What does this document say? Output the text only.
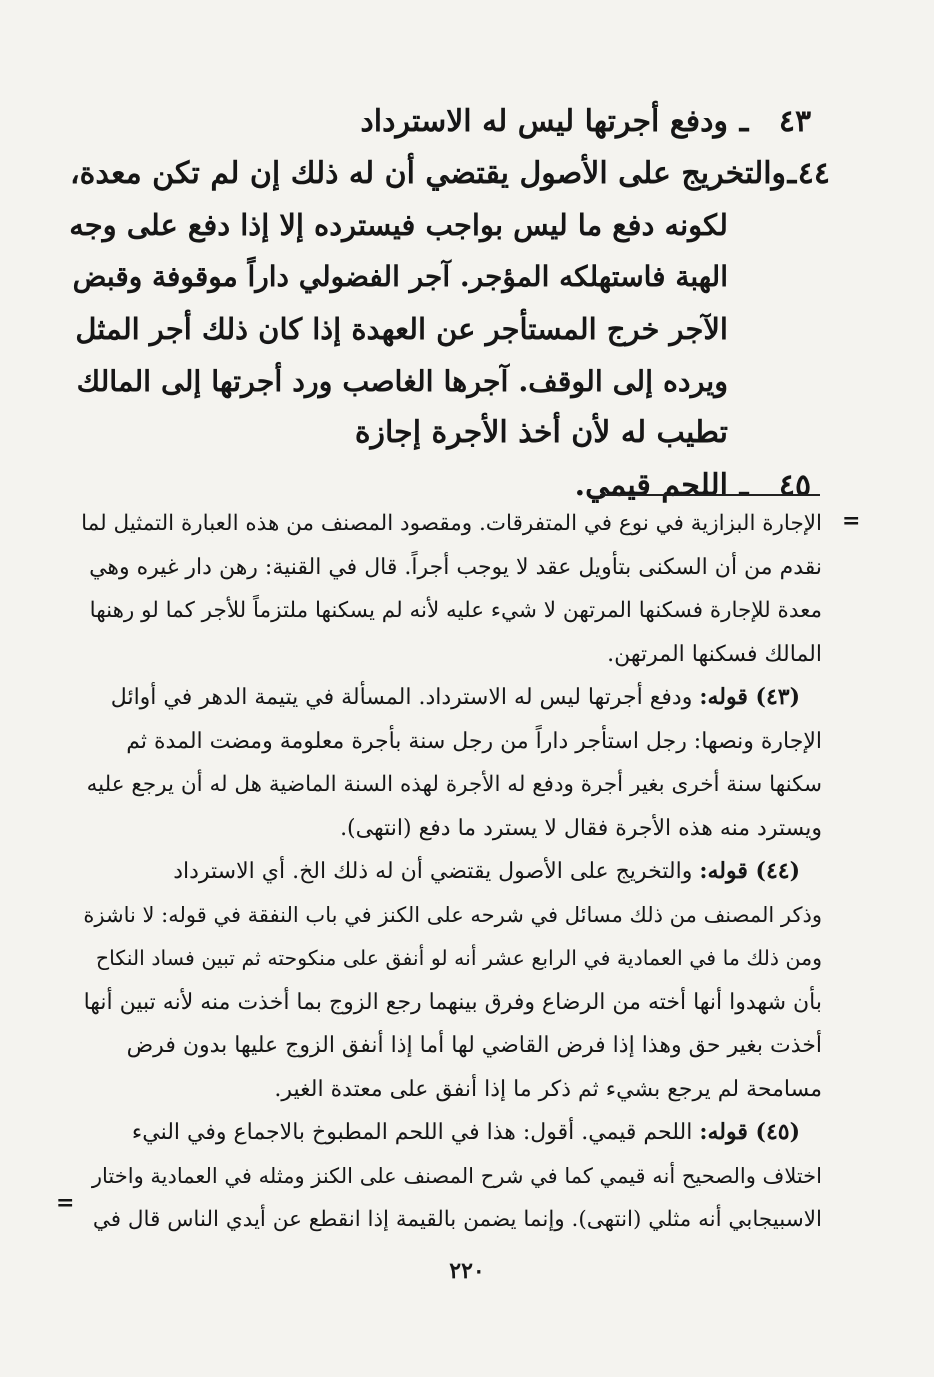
٤٣
ـ
ودفع أجرتها ليس له الاسترداد
٤٤
ـ
والتخريج على الأصول يقتضي أن له ذلك إن لم تكن معدة،
لكونه دفع ما ليس بواجب فيسترده إلا إذا دفع على وجه
الهبة فاستهلكه المؤجر. آجر الفضولي داراً موقوفة وقبض
الآجر خرج المستأجر عن العهدة إذا كان ذلك أجر المثل
ويرده إلى الوقف. آجرها الغاصب ورد أجرتها إلى المالك
تطيب له لأن أخذ الأجرة إجازة
٤٥
ـ
اللحم قيمي.
=
الإجارة البزازية في نوع في المتفرقات. ومقصود المصنف من هذه العبارة التمثيل لما
نقدم من أن السكنى بتأويل عقد لا يوجب أجراً. قال في القنية: رهن دار غيره وهي
معدة للإجارة فسكنها المرتهن لا شيء عليه لأنه لم يسكنها ملتزماً للأجر كما لو رهنها
المالك فسكنها المرتهن.
(٤٣) قوله: ودفع أجرتها ليس له الاسترداد. المسألة في يتيمة الدهر في أوائل
الإجارة ونصها: رجل استأجر داراً من رجل سنة بأجرة معلومة ومضت المدة ثم
سكنها سنة أخرى بغير أجرة ودفع له الأجرة لهذه السنة الماضية هل له أن يرجع عليه
ويسترد منه هذه الأجرة فقال لا يسترد ما دفع (انتهى).
(٤٤) قوله: والتخريج على الأصول يقتضي أن له ذلك الخ. أي الاسترداد
وذكر المصنف من ذلك مسائل في شرحه على الكنز في باب النفقة في قوله: لا ناشزة
ومن ذلك ما في العمادية في الرابع عشر أنه لو أنفق على منكوحته ثم تبين فساد النكاح
بأن شهدوا أنها أخته من الرضاع وفرق بينهما رجع الزوج بما أخذت منه لأنه تبين أنها
أخذت بغير حق وهذا إذا فرض القاضي لها أما إذا أنفق الزوج عليها بدون فرض
مسامحة لم يرجع بشيء ثم ذكر ما إذا أنفق على معتدة الغير.
(٤٥) قوله: اللحم قيمي. أقول: هذا في اللحم المطبوخ بالاجماع وفي النيء
اختلاف والصحيح أنه قيمي كما في شرح المصنف على الكنز ومثله في العمادية واختار
الاسبيجابي أنه مثلي (انتهى). وإنما يضمن بالقيمة إذا انقطع عن أيدي الناس قال في
=
٢٢٠
